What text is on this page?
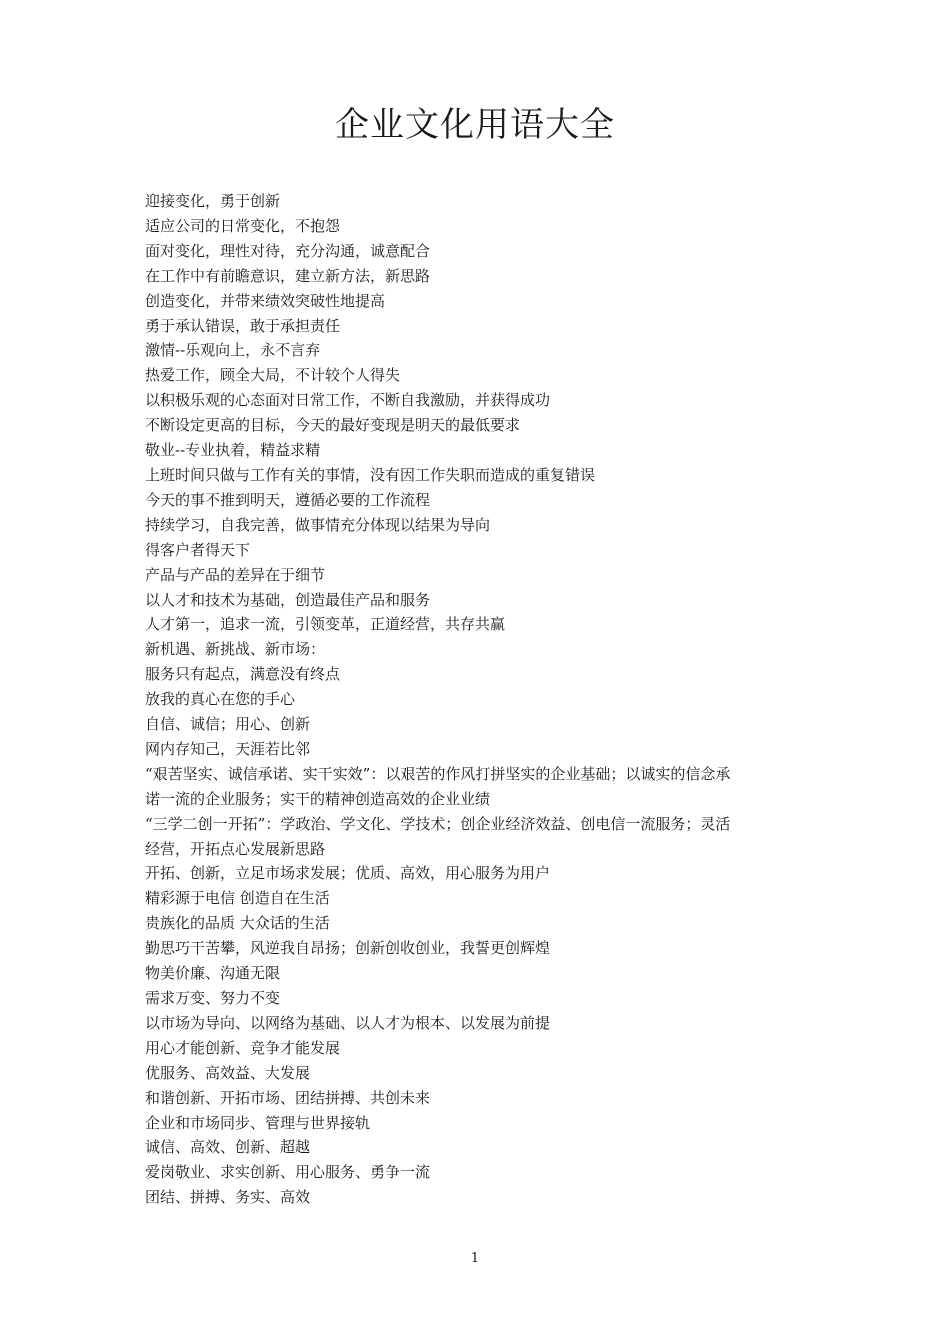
企业文化用语大全
迎接变化，勇于创新
适应公司的日常变化，不抱怨
面对变化，理性对待，充分沟通，诚意配合
在工作中有前瞻意识，建立新方法，新思路
创造变化，并带来绩效突破性地提高
勇于承认错误，敢于承担责任
激情--乐观向上，永不言弃
热爱工作，顾全大局，不计较个人得失
以积极乐观的心态面对日常工作，不断自我激励，并获得成功
不断设定更高的目标，今天的最好变现是明天的最低要求
敬业--专业执着，精益求精
上班时间只做与工作有关的事情，没有因工作失职而造成的重复错误
今天的事不推到明天，遵循必要的工作流程
持续学习，自我完善，做事情充分体现以结果为导向
得客户者得天下
产品与产品的差异在于细节
以人才和技术为基础，创造最佳产品和服务
人才第一，追求一流，引领变革，正道经营，共存共赢
新机遇、新挑战、新市场：
服务只有起点，满意没有终点
放我的真心在您的手心
自信、诚信；用心、创新
网内存知己，天涯若比邻
“艰苦坚实、诚信承诺、实干实效”：以艰苦的作风打拼坚实的企业基础；以诚实的信念承
诺一流的企业服务；实干的精神创造高效的企业业绩
“三学二创一开拓”：学政治、学文化、学技术；创企业经济效益、创电信一流服务；灵活
经营，开拓点心发展新思路
开拓、创新，立足市场求发展；优质、高效，用心服务为用户
精彩源于电信 创造自在生活
贵族化的品质 大众话的生活
勤思巧干苦攀，风逆我自昂扬；创新创收创业，我誓更创辉煌
物美价廉、沟通无限
需求万变、努力不变
以市场为导向、以网络为基础、以人才为根本、以发展为前提
用心才能创新、竞争才能发展
优服务、高效益、大发展
和谐创新、开拓市场、团结拼搏、共创未来
企业和市场同步、管理与世界接轨
诚信、高效、创新、超越
爱岗敬业、求实创新、用心服务、勇争一流
团结、拼搏、务实、高效
1
